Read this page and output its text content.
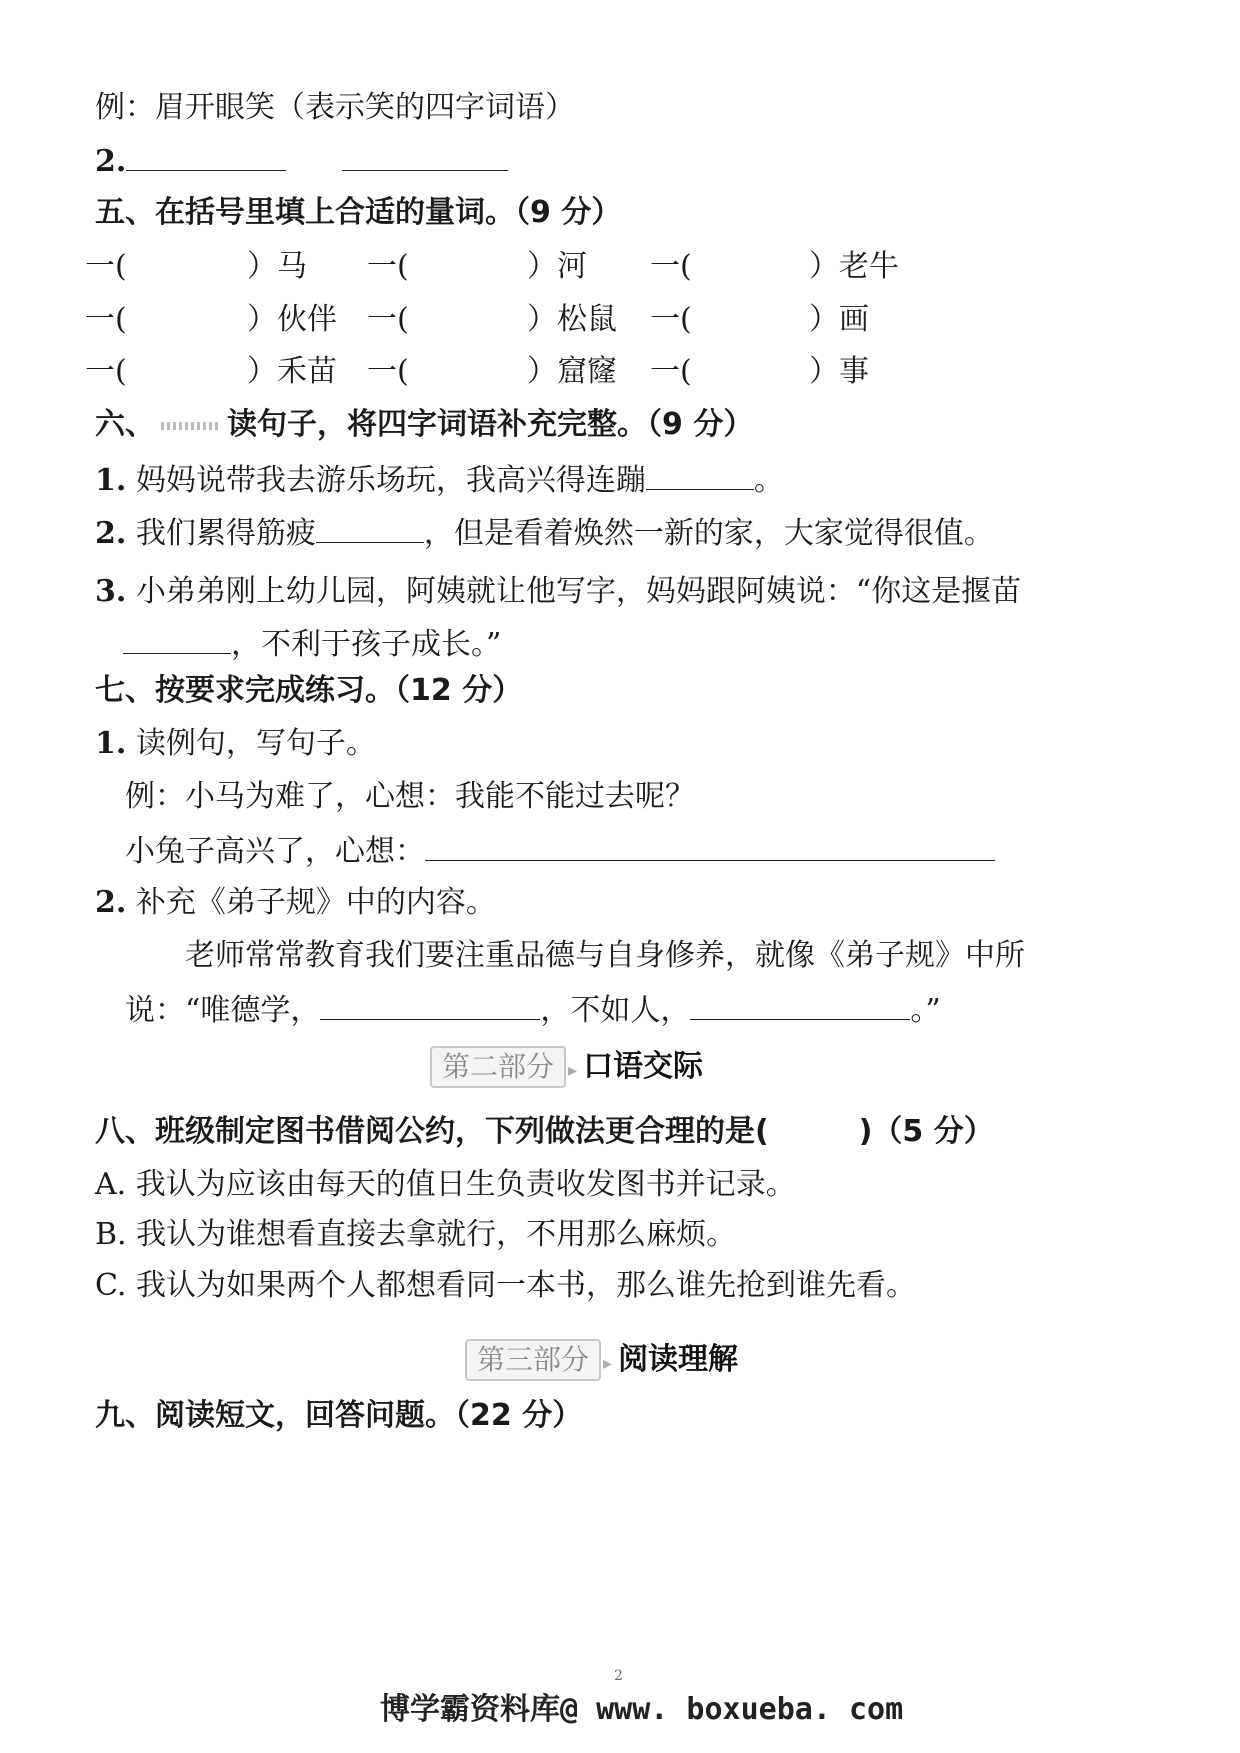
例：眉开眼笑（表示笑的四字词语）
2.
五、在括号里填上合适的量词。（9 分）
一(	）马 一(	）河 一(	）老牛
一(	）伙伴 一(	）松鼠 一(	）画
一(	）禾苗 一(	）窟窿 一(	）事
六、 读句子，将四字词语补充完整。（9 分）
1. 妈妈说带我去游乐场玩，我高兴得连蹦	。
2. 我们累得筋疲	，但是看着焕然一新的家，大家觉得很值。
3. 小弟弟刚上幼儿园，阿姨就让他写字，妈妈跟阿姨说：“你这是揠苗
，不利于孩子成长。”
七、按要求完成练习。（12 分）
1. 读例句，写句子。
例：小马为难了，心想：我能不能过去呢？
小兔子高兴了，心想：
2. 补充《弟子规》中的内容。
老师常常教育我们要注重品德与自身修养，就像《弟子规》中所
说：“唯德学，	，不如人，	。”
第二部分 ▸ 口语交际
八、班级制定图书借阅公约，下列做法更合理的是(　　　)（5 分）
A. 我认为应该由每天的值日生负责收发图书并记录。
B. 我认为谁想看直接去拿就行，不用那么麻烦。
C. 我认为如果两个人都想看同一本书，那么谁先抢到谁先看。
第三部分 ▸ 阅读理解
九、阅读短文，回答问题。（22 分）
2
博学霸资料库@ www. boxueba. com
